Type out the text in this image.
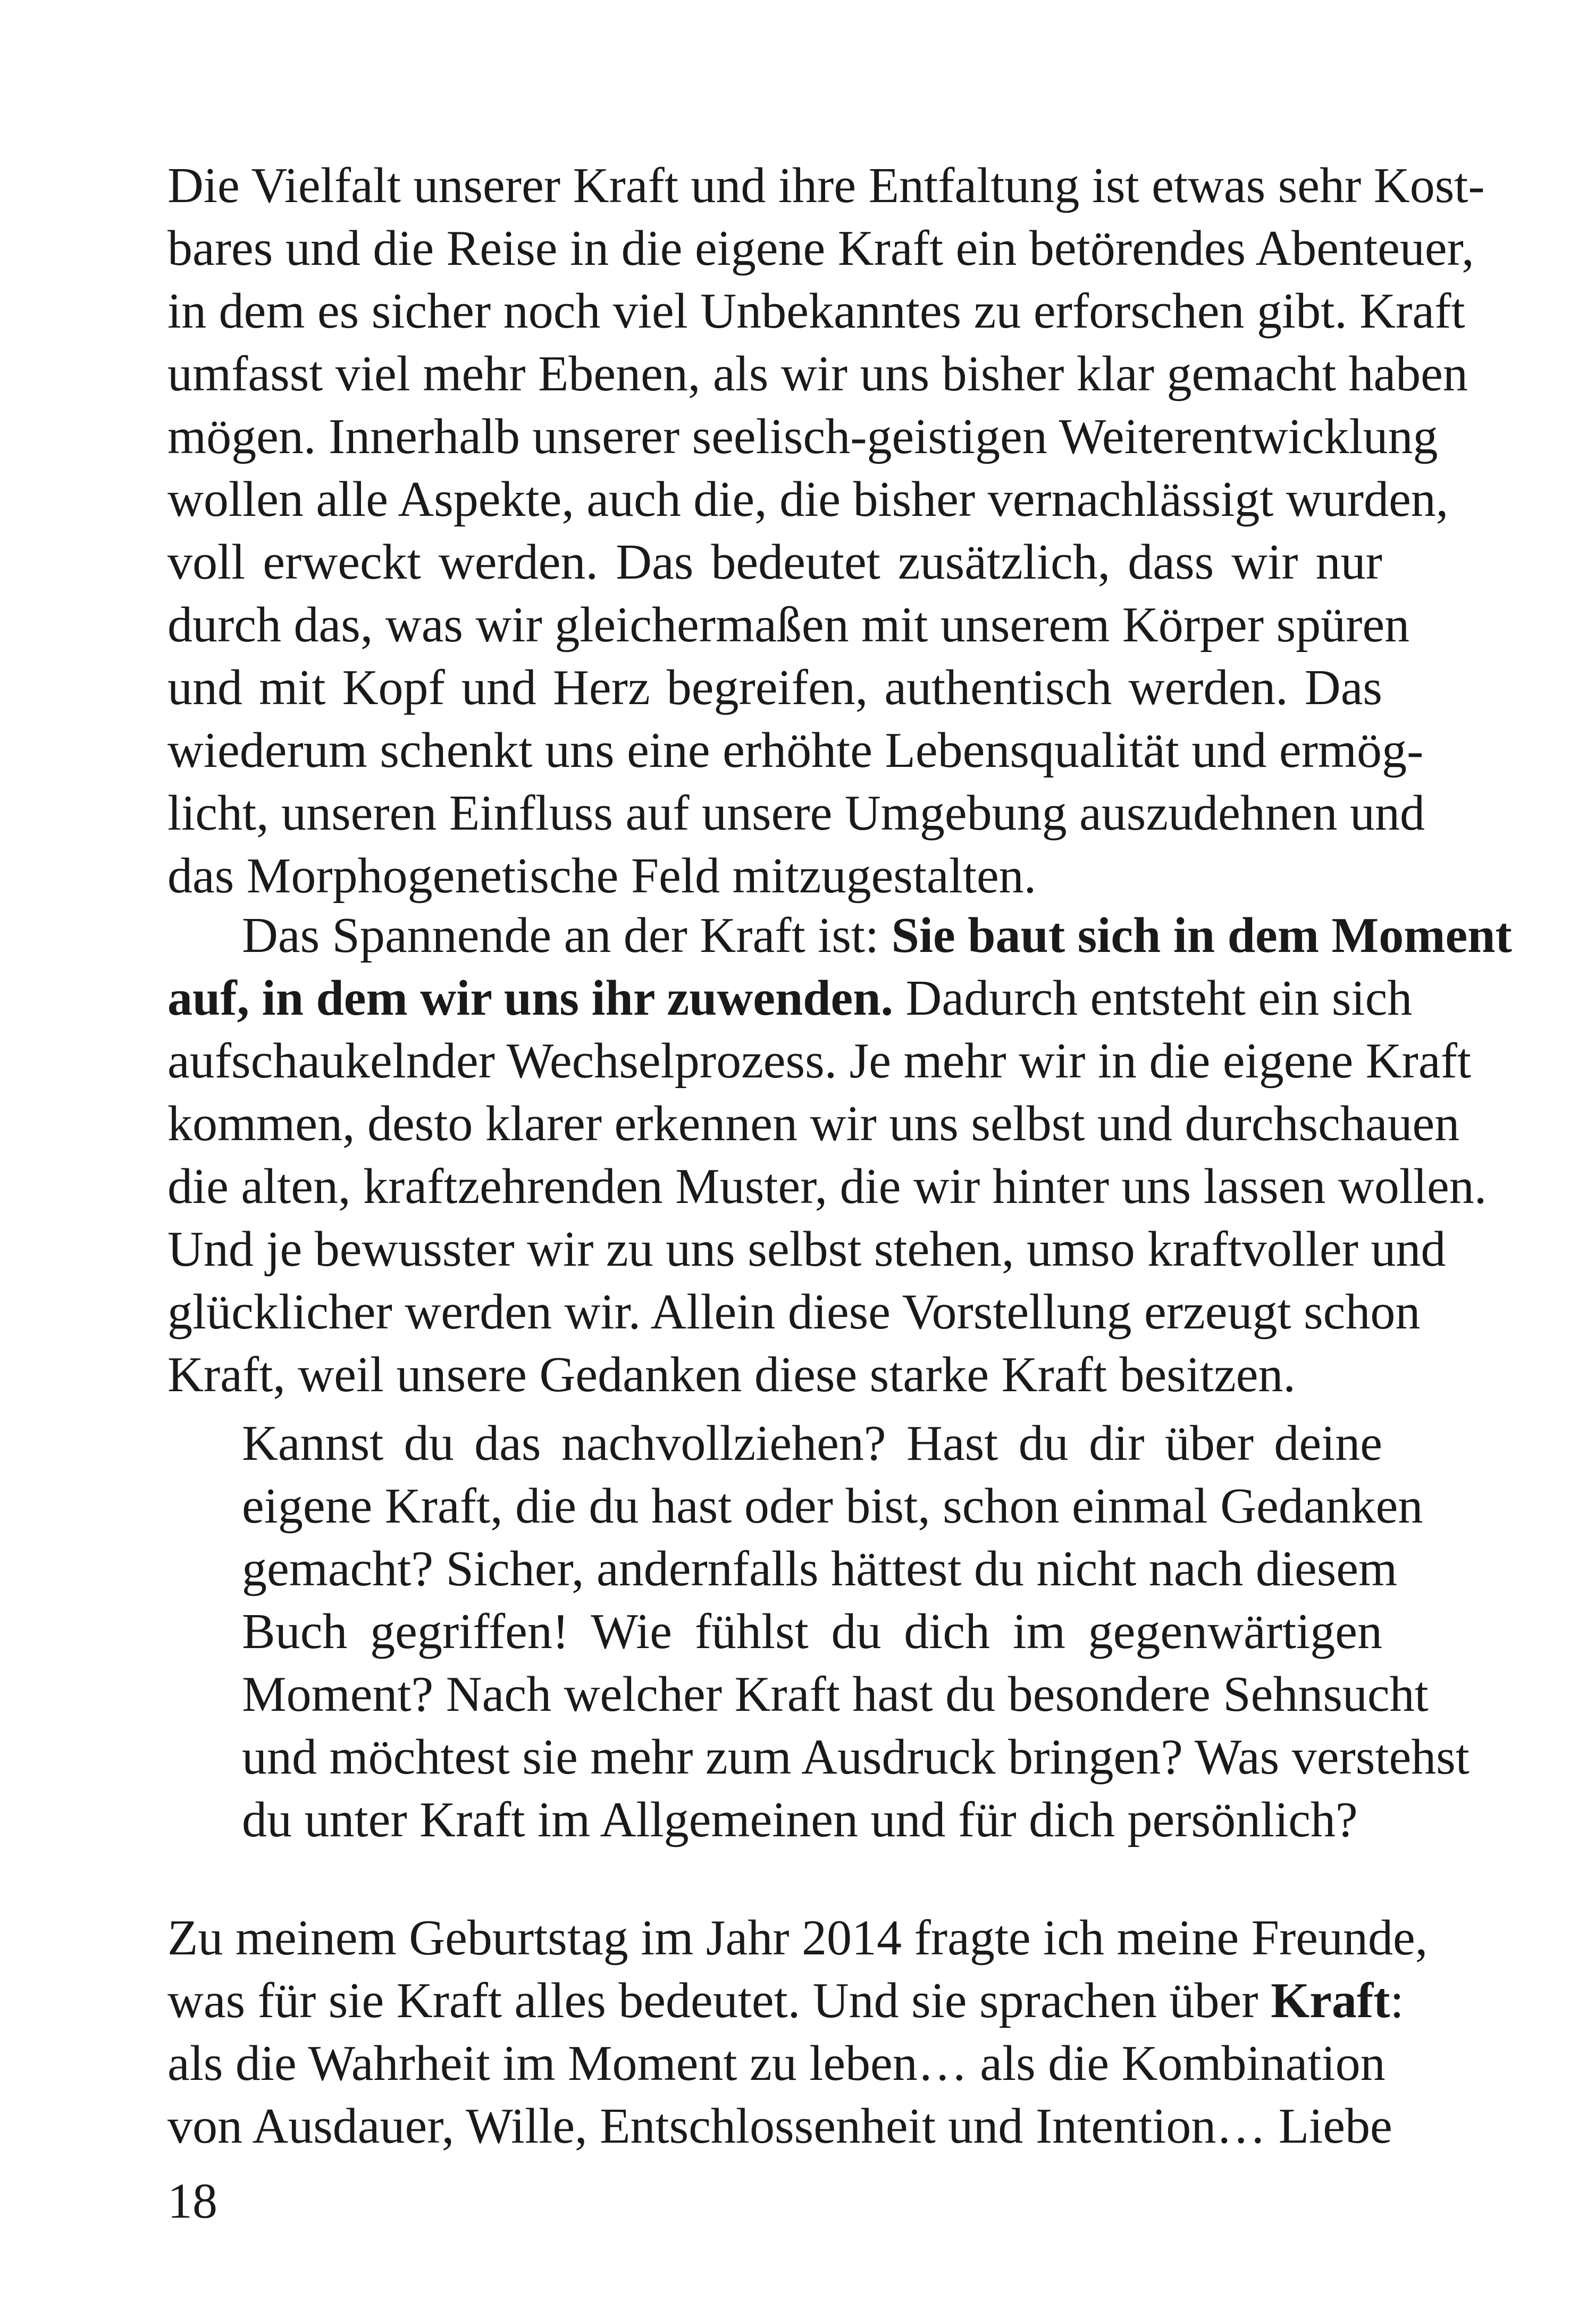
Die Vielfalt unserer Kraft und ihre Entfaltung ist etwas sehr Kost-
bares und die Reise in die eigene Kraft ein betörendes Abenteuer,
in dem es sicher noch viel Unbekanntes zu erforschen gibt. Kraft
umfasst viel mehr Ebenen, als wir uns bisher klar gemacht haben
mögen. Innerhalb unserer seelisch-geistigen Weiterentwicklung
wollen alle Aspekte, auch die, die bisher vernachlässigt wurden,
voll erweckt werden. Das bedeutet zusätzlich, dass wir nur
durch das, was wir gleichermaßen mit unserem Körper spüren
und mit Kopf und Herz begreifen, authentisch werden. Das
wiederum schenkt uns eine erhöhte Lebensqualität und ermög-
licht, unseren Einfluss auf unsere Umgebung auszudehnen und
das Morphogenetische Feld mitzugestalten.
Das Spannende an der Kraft ist: Sie baut sich in dem Moment
auf, in dem wir uns ihr zuwenden. Dadurch entsteht ein sich
aufschaukelnder Wechselprozess. Je mehr wir in die eigene Kraft
kommen, desto klarer erkennen wir uns selbst und durchschauen
die alten, kraftzehrenden Muster, die wir hinter uns lassen wollen.
Und je bewusster wir zu uns selbst stehen, umso kraftvoller und
glücklicher werden wir. Allein diese Vorstellung erzeugt schon
Kraft, weil unsere Gedanken diese starke Kraft besitzen.
Kannst du das nachvollziehen? Hast du dir über deine
eigene Kraft, die du hast oder bist, schon einmal Gedanken
gemacht? Sicher, andernfalls hättest du nicht nach diesem
Buch gegriffen! Wie fühlst du dich im gegenwärtigen
Moment? Nach welcher Kraft hast du besondere Sehnsucht
und möchtest sie mehr zum Ausdruck bringen? Was verstehst
du unter Kraft im Allgemeinen und für dich persönlich?
Zu meinem Geburtstag im Jahr 2014 fragte ich meine Freunde,
was für sie Kraft alles bedeutet. Und sie sprachen über Kraft:
als die Wahrheit im Moment zu leben… als die Kombination
von Ausdauer, Wille, Entschlossenheit und Intention… Liebe
18
